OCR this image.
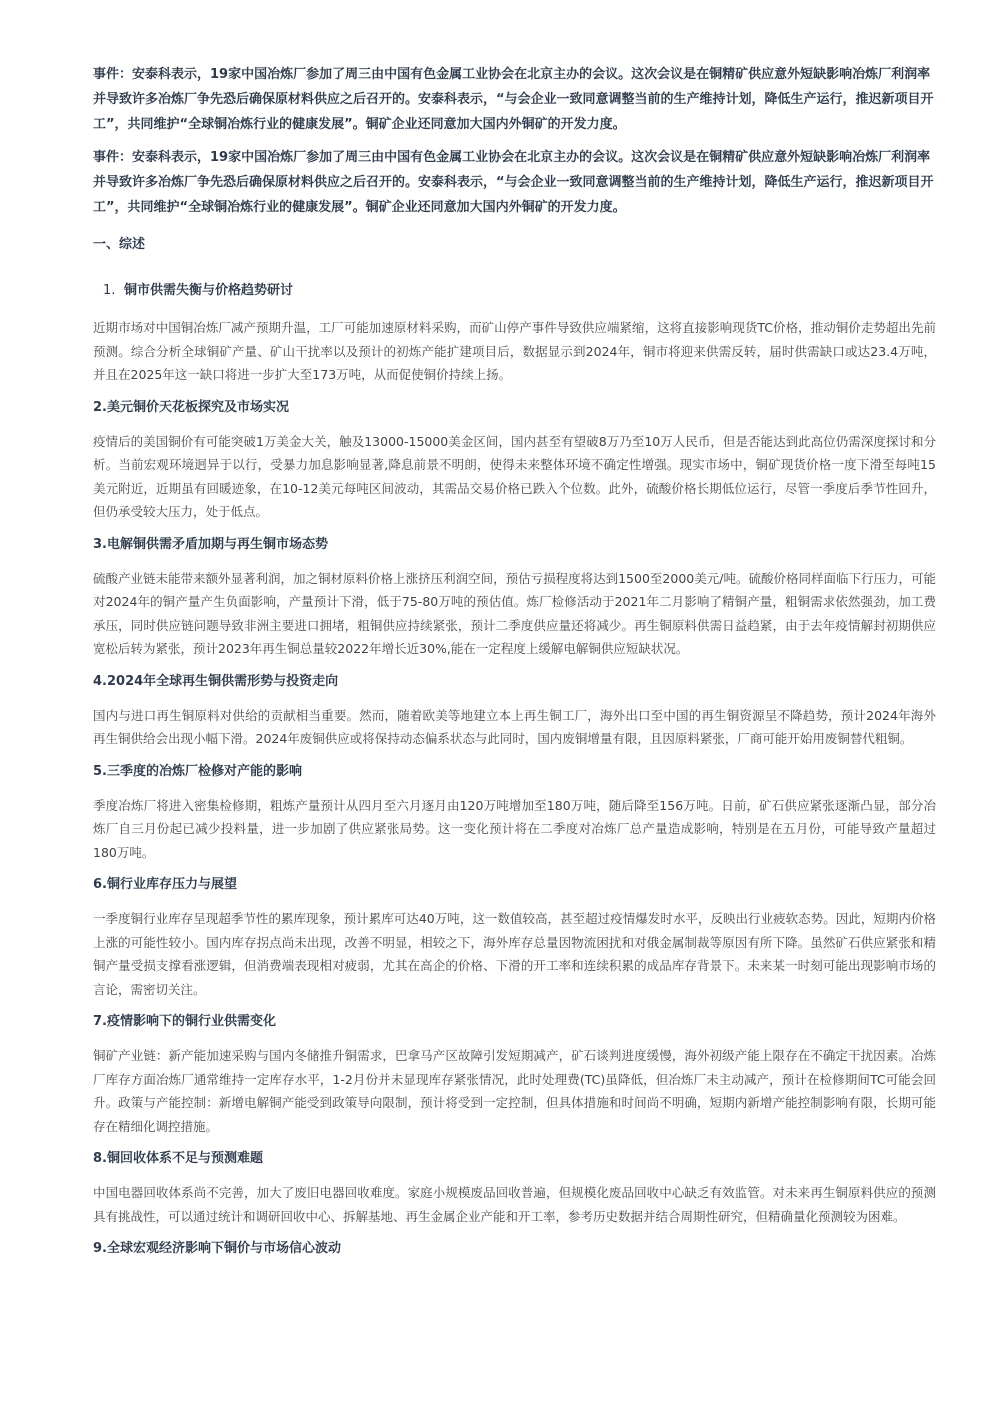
事件：安泰科表示，19家中国冶炼厂参加了周三由中国有色金属工业协会在北京主办的会议。这次会议是在铜精矿供应意外短缺影响冶炼厂利润率并导致许多冶炼厂争先恐后确保原材料供应之后召开的。安泰科表示，“与会企业一致同意调整当前的生产维持计划，降低生产运行，推迟新项目开工”，共同维护“全球铜冶炼行业的健康发展”。铜矿企业还同意加大国内外铜矿的开发力度。

事件：安泰科表示，19家中国冶炼厂参加了周三由中国有色金属工业协会在北京主办的会议。这次会议是在铜精矿供应意外短缺影响冶炼厂利润率并导致许多冶炼厂争先恐后确保原材料供应之后召开的。安泰科表示，“与会企业一致同意调整当前的生产维持计划，降低生产运行，推迟新项目开工”，共同维护“全球铜冶炼行业的健康发展”。铜矿企业还同意加大国内外铜矿的开发力度。

一、综述
1. 铜市供需失衡与价格趋势研讨

近期市场对中国铜冶炼厂减产预期升温，工厂可能加速原材料采购，而矿山停产事件导致供应端紧缩，这将直接影响现货TC价格，推动铜价走势超出先前预测。综合分析全球铜矿产量、矿山干扰率以及预计的初炼产能扩建项目后，数据显示到2024年，铜市将迎来供需反转，届时供需缺口或达23.4万吨，并且在2025年这一缺口将进一步扩大至173万吨，从而促使铜价持续上扬。

2.美元铜价天花板探究及市场实况

疫情后的美国铜价有可能突破1万美金大关，触及13000-15000美金区间，国内甚至有望破8万乃至10万人民币，但是否能达到此高位仍需深度探讨和分析。当前宏观环境迥异于以行，受暴力加息影响显著,降息前景不明朗，使得未来整体环境不确定性增强。现实市场中，铜矿现货价格一度下滑至每吨15美元附近，近期虽有回暖迹象，在10-12美元每吨区间波动，其需品交易价格已跌入个位数。此外，硫酸价格长期低位运行，尽管一季度后季节性回升，但仍承受较大压力，处于低点。

3.电解铜供需矛盾加期与再生铜市场态势

硫酸产业链未能带来额外显著利润，加之铜材原料价格上涨挤压利润空间，预估亏损程度将达到1500至2000美元/吨。硫酸价格同样面临下行压力，可能对2024年的铜产量产生负面影响，产量预计下滑，低于75-80万吨的预估值。炼厂检修活动于2021年二月影响了精铜产量，粗铜需求依然强劲，加工费承压，同时供应链问题导致非洲主要进口拥堵，粗铜供应持续紧张，预计二季度供应量还将减少。再生铜原料供需日益趋紧，由于去年疫情解封初期供应宽松后转为紧张，预计2023年再生铜总量较2022年增长近30%,能在一定程度上缓解电解铜供应短缺状况。

4.2024年全球再生铜供需形势与投资走向

国内与进口再生铜原料对供给的贡献相当重要。然而，随着欧美等地建立本上再生铜工厂，海外出口至中国的再生铜资源呈不降趋势，预计2024年海外再生铜供给会出现小幅下滑。2024年废铜供应或将保持动态偏系状态与此同时，国内废铜增量有限，且因原料紧张，厂商可能开始用废铜替代粗铜。

5.三季度的冶炼厂检修对产能的影响

季度冶炼厂将进入密集检修期，粗炼产量预计从四月至六月逐月由120万吨增加至180万吨，随后降至156万吨。日前，矿石供应紧张逐渐凸显，部分冶炼厂自三月份起已减少投料量，进一步加剧了供应紧张局势。这一变化预计将在二季度对冶炼厂总产量造成影响，特别是在五月份，可能导致产量超过180万吨。

6.铜行业库存压力与展望

一季度铜行业库存呈现超季节性的累库现象，预计累库可达40万吨，这一数值较高，甚至超过疫情爆发时水平，反映出行业疲软态势。因此，短期内价格上涨的可能性较小。国内库存拐点尚未出现，改善不明显，相较之下，海外库存总量因物流困扰和对俄金属制裁等原因有所下降。虽然矿石供应紧张和精铜产量受损支撑看涨逻辑，但消费端表现相对疲弱，尤其在高企的价格、下滑的开工率和连续积累的成品库存背景下。未来某一时刻可能出现影响市场的言论，需密切关注。

7.疫情影响下的铜行业供需变化

铜矿产业链：新产能加速采购与国内冬储推升铜需求，巴拿马产区故障引发短期减产，矿石谈判进度缓慢，海外初级产能上限存在不确定干扰因素。冶炼厂库存方面冶炼厂通常维持一定库存水平，1-2月份并未显现库存紧张情况，此时处理费(TC)虽降低，但冶炼厂未主动减产，预计在检修期间TC可能会回升。政策与产能控制：新增电解铜产能受到政策导向限制，预计将受到一定控制，但具体措施和时间尚不明确，短期内新增产能控制影响有限，长期可能存在精细化调控措施。

8.铜回收体系不足与预测难题

中国电器回收体系尚不完善，加大了废旧电器回收难度。家庭小规模废品回收普遍，但规模化废品回收中心缺乏有效监管。对未来再生铜原料供应的预测具有挑战性，可以通过统计和调研回收中心、拆解基地、再生金属企业产能和开工率，参考历史数据并结合周期性研究，但精确量化预测较为困难。

9.全球宏观经济影响下铜价与市场信心波动
